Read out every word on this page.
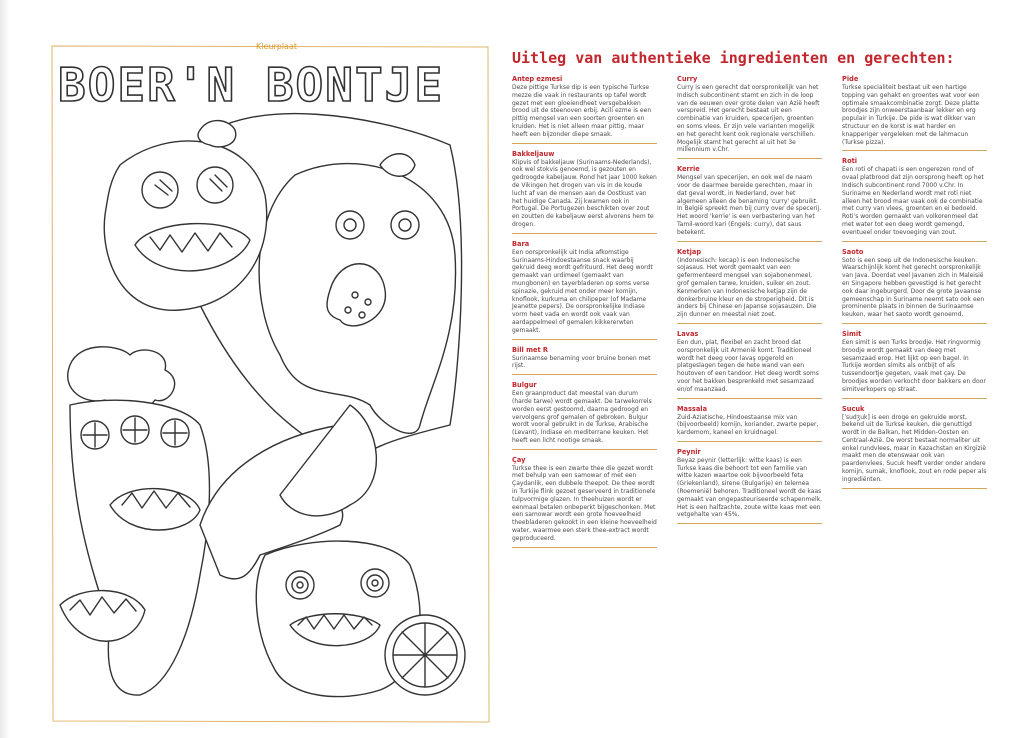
Kleurplaat
BOER'N BONTJE	Uitleg van authentieke ingredienten en gerechten:
Antep ezmesi

Deze pittige Turkse dip is een typische Turkse mezze die vaak in restaurants op tafel wordt gezet met een gloeiendheet versgebakken brood uit de steenoven erbij. Acili ezme is een pittig mengsel van een soorten groenten en kruiden. Het is niet alleen maar pittig, maar heeft een bijzonder diepe smaak.

Bakkeljauw

Klipvis of bakkeljauw (Surinaams-Nederlands), ook wel stokvis genoemd, is gezouten en gedroogde kabeljauw. Rond het jaar 1000 keken de Vikingen het drogen van vis in de koude lucht af van de mensen aan de Oostkust van het huidige Canada. Zij kwamen ook in Portugal. De Portugezen beschikten over zout en zoutten de kabeljauw eerst alvorens hem te drogen.

Bara

Een oorspronkelijk uit India afkomstige Surinaams-Hindoestaanse snack waarbij gekruid deeg wordt gefrituurd. Het deeg wordt gemaakt van urdimeel (gemaakt van mungbonen) en tayerbladeren op soms verse spinazie, gekruid met onder meer komijn, knoflook, kurkuma en chilipeper (of Madame Jeanette pepers). De oorspronkelijke Indiase vorm heet vada en wordt ook vaak van aardappelmeel of gemalen kikkererwten gemaakt.

Bill met R

Surinaamse benaming voor bruine bonen met rijst.

Bulgur

Een graanproduct dat meestal van durum (harde tarwe) wordt gemaakt. De tarwekorrels worden eerst gestoomd, daarna gedroogd en vervolgens grof gemalen of gebroken. Bulgur wordt vooral gebruikt in de Turkse, Arabische (Levant), Indiase en mediterrane keuken. Het heeft een licht nootige smaak.

Çay

Turkse thee is een zwarte thee die gezet wordt met behulp van een samowar of met een Çaydanlik, een dubbele theepot. De thee wordt in Turkije flink gezoet geserveerd in traditionele tulpvormige glazen. In theehuizen wordt er eenmaal betalen onbeperkt bijgeschonken. Met een samowar wordt een grote hoeveelheid theebladeren gekookt in een kleine hoeveelheid water, waarmee een sterk thee-extract wordt geproduceerd.

Curry

Curry is een gerecht dat oorspronkelijk van het Indisch subcontinent stamt en zich in de loop van de eeuwen over grote delen van Azië heeft verspreid. Het gerecht bestaat uit een combinatie van kruiden, specerijen, groenten en soms vlees. Er zijn vele varianten mogelijk en het gerecht kent ook regionale verschillen. Mogelijk stamt het gerecht al uit het 3e millennium v.Chr.

Kerrie

Mengsel van specerijen, en ook wel de naam voor de daarmee bereide gerechten, maar in dat geval wordt, in Nederland, over het algemeen alleen de benaming 'curry' gebruikt. In België spreekt men bij curry over de specerij. Het woord 'kerrie' is een verbastering van het Tamil-woord kari (Engels: curry), dat saus betekent.

Ketjap

(Indonesisch: kecap) is een Indonesische sojasaus. Het wordt gemaakt van een gefermenteerd mengsel van sojabonenmeel, grof gemalen tarwe, kruiden, suiker en zout. Kenmerken van Indonesische ketjap zijn de donkerbruine kleur en de stroperigheid. Dit is anders bij Chinese en Japanse sojasauzen. Die zijn dunner en meestal niet zoet.

Lavas

Een dun, plat, flexibel en zacht brood dat oorspronkelijk uit Armenië komt. Traditioneel wordt het deeg voor lavaş opgerold en platgeslagen tegen de hete wand van een houtoven of een tandoor. Het deeg wordt soms voor het bakken besprenkeld met sesamzaad en/of maanzaad.

Massala

Zuid-Aziatische, Hindoestaanse mix van (bijvoorbeeld) komijn, koriander, zwarte peper, kardemom, kaneel en kruidnagel.

Peynir

Beyaz peynir (letterlijk: witte kaas) is een Turkse kaas die behoort tot een familie van witte kazen waartoe ook bijvoorbeeld feta (Griekenland), sirene (Bulgarije) en telemea (Roemenië) behoren. Traditioneel wordt de kaas gemaakt van ongepasteuriseerde schapenmelk. Het is een halfzachte, zoute witte kaas met een vetgehalte van 45%.

Pide

Turkse specialiteit bestaat uit een hartige topping van gehakt en groentes wat voor een optimale smaakcombinatie zorgt. Deze platte broodjes zijn onweerstaanbaar lekker en erg populair in Turkije. De pide is wat dikker van structuur en de korst is wat harder en knapperiger vergeleken met de lahmacun (Turkse pizza).

Roti

Een roti of chapati is een ongerezen rond of ovaal platbrood dat zijn oorsprong heeft op het Indisch subcontinent rond 7000 v.Chr. In Suriname en Nederland wordt met roti niet alleen het brood maar vaak ook de combinatie met curry van vlees, groenten en ei bedoeld. Roti's worden gemaakt van volkorenmeel dat met water tot een deeg wordt gemengd, eventueel onder toevoeging van zout.

Saoto

Soto is een soep uit de Indonesische keuken. Waarschijnlijk komt het gerecht oorspronkelijk van Java. Doordat veel Javanen zich in Maleisië en Singapore hebben gevestigd is het gerecht ook daar ingeburgerd. Door de grote Javaanse gemeenschap in Suriname neemt sato ook een prominente plaats in binnen de Surinaamse keuken, waar het saoto wordt genoemd.

Simit

Een simit is een Turks broodje. Het ringvormig broodje wordt gemaakt van deeg met sesamzaad erop. Het lijkt op een bagel. In Turkije worden simits als ontbijt of als tussendoortje gegeten, vaak met çay. De broodjes worden verkocht door bakkers en door simitverkopers op straat.

Sucuk

[ˈsudʒuk] is een droge en gekruide worst, bekend uit de Turkse keuken, die genuttigd wordt in de Balkan, het Midden-Oosten en Centraal-Azië. De worst bestaat normaliter uit enkel rundvlees, maar in Kazachstan en Kirgizië maakt men de etenswaar ook van paardenvlees. Sucuk heeft verder onder andere komijn, sumak, knoflook, zout en rode peper als ingrediënten.
